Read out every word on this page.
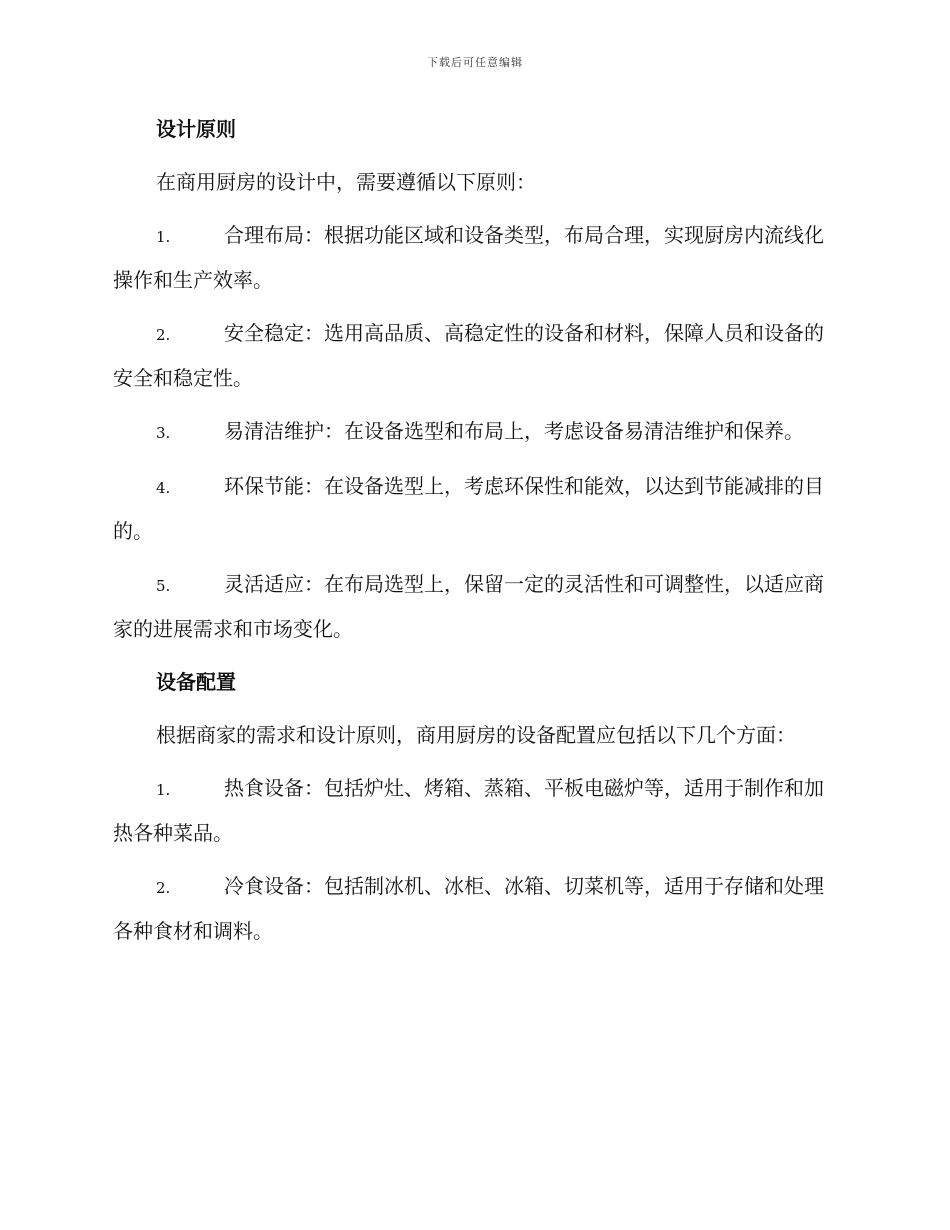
下载后可任意编辑
设计原则
在商用厨房的设计中，需要遵循以下原则：
1.	合理布局：根据功能区域和设备类型，布局合理，实现厨房内流线化操作和生产效率。
2.	安全稳定：选用高品质、高稳定性的设备和材料，保障人员和设备的安全和稳定性。
3.	易清洁维护：在设备选型和布局上，考虑设备易清洁维护和保养。
4.	环保节能：在设备选型上，考虑环保性和能效，以达到节能减排的目的。
5.	灵活适应：在布局选型上，保留一定的灵活性和可调整性，以适应商家的进展需求和市场变化。
设备配置
根据商家的需求和设计原则，商用厨房的设备配置应包括以下几个方面：
1.	热食设备：包括炉灶、烤箱、蒸箱、平板电磁炉等，适用于制作和加热各种菜品。
2.	冷食设备：包括制冰机、冰柜、冰箱、切菜机等，适用于存储和处理各种食材和调料。
